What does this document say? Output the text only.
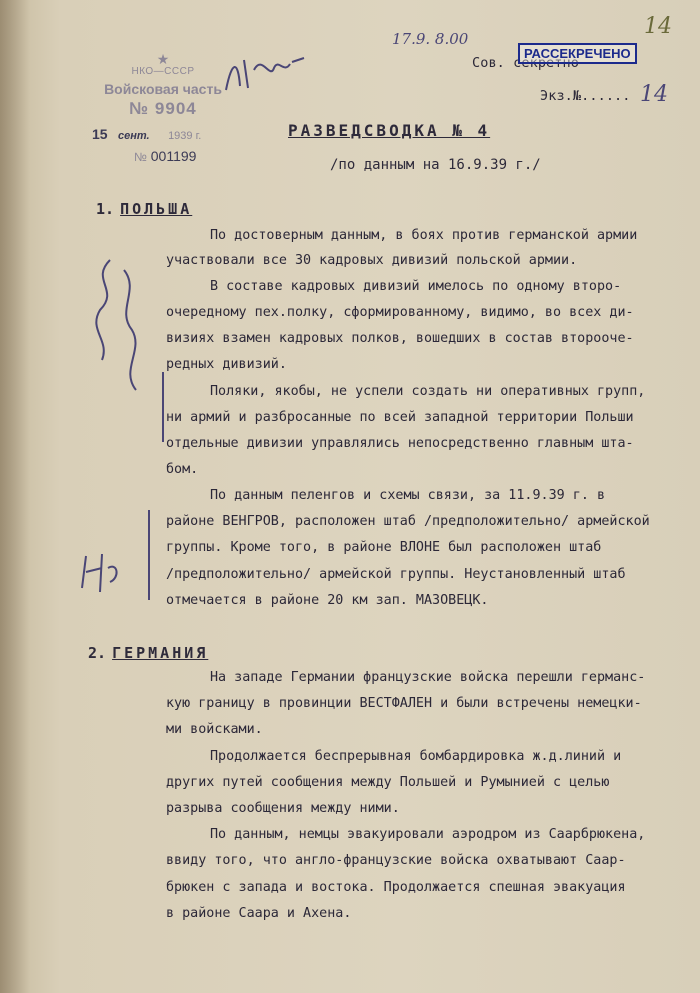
★
НКО—СССР
Войсковая часть
№ 9904
15 сент. 1939 г.
№ 001199
17.9. 8.00	14
14
Сов. секретно
РАССЕКРЕЧЕНО
Экз.№......
РАЗВЕДСВОДКА № 4
/по данным на 16.9.39 г./
1. ПОЛЬША
По достоверным данным, в боях против германской армии
участвовали все 30 кадровых дивизий польской армии.
В составе кадровых дивизий имелось по одному второ-
очередному пех.полку, сформированному, видимо, во всех ди-
визиях взамен кадровых полков, вошедших в состав второоче-
редных дивизий.
Поляки, якобы, не успели создать ни оперативных групп,
ни армий и разбросанные по всей западной территории Польши
отдельные дивизии управлялись непосредственно главным шта-
бом.
По данным пеленгов и схемы связи, за 11.9.39 г. в
районе ВЕНГРОВ, расположен штаб /предположительно/ армейской
группы. Кроме того, в районе ВЛОНЕ был расположен штаб
/предположительно/ армейской группы. Неустановленный штаб
отмечается в районе 20 км зап. МАЗОВЕЦК.
2. ГЕРМАНИЯ
На западе Германии французские войска перешли германс-
кую границу в провинции ВЕСТФАЛЕН и были встречены немецки-
ми войсками.
Продолжается беспрерывная бомбардировка ж.д.линий и
других путей сообщения между Польшей и Румынией с целью
разрыва сообщения между ними.
По данным, немцы эвакуировали аэродром из Саарбрюкена,
ввиду того, что англо-французские войска охватывают Саар-
брюкен с запада и востока. Продолжается спешная эвакуация
в районе Саара и Ахена.
